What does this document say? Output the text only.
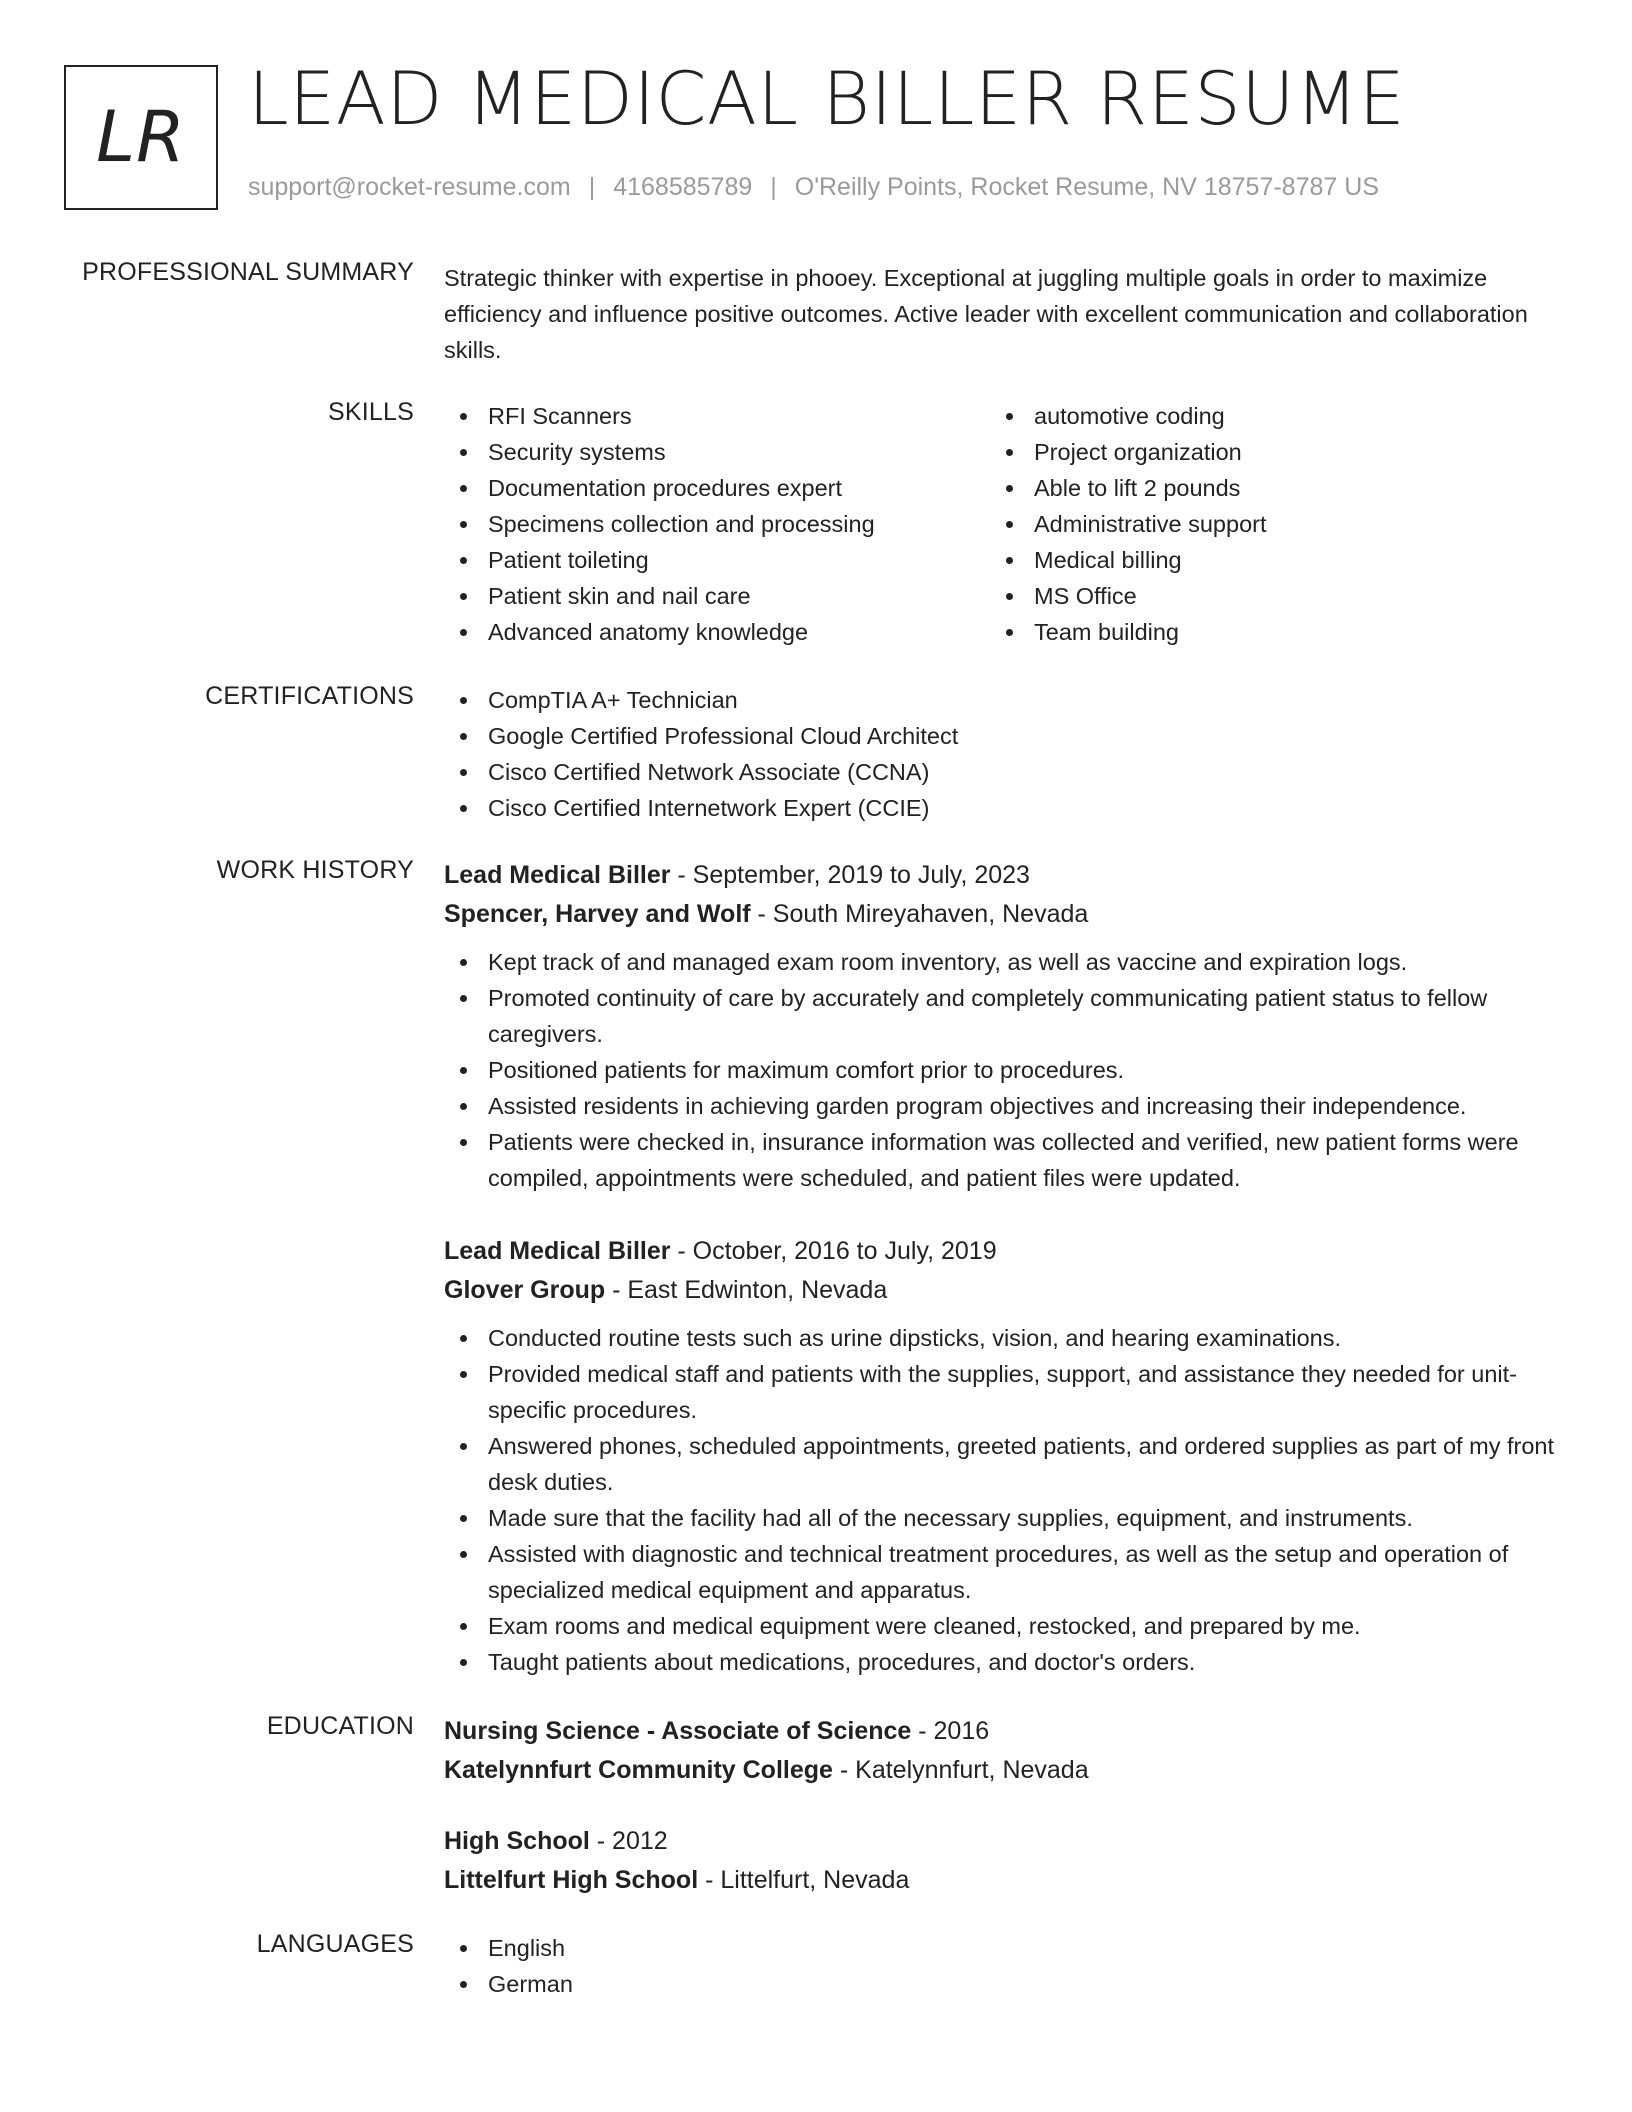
LR LEAD MEDICAL BILLER RESUME
support@rocket-resume.com | 4168585789 | O'Reilly Points, Rocket Resume, NV 18757-8787 US
PROFESSIONAL SUMMARY Strategic thinker with expertise in phooey. Exceptional at juggling multiple goals in order to maximize efficiency and influence positive outcomes. Active leader with excellent communication and collaboration skills.
SKILLS	RFI Scanners
Security systems
Documentation procedures expert
Specimens collection and processing
Patient toileting
Patient skin and nail care
Advanced anatomy knowledge
automotive coding
Project organization
Able to lift 2 pounds
Administrative support
Medical billing
MS Office
Team building
CERTIFICATIONS	CompTIA A+ Technician
Google Certified Professional Cloud Architect
Cisco Certified Network Associate (CCNA)
Cisco Certified Internetwork Expert (CCIE)
WORK HISTORY Lead Medical Biller - September, 2019 to July, 2023
Spencer, Harvey and Wolf - South Mireyahaven, Nevada
Kept track of and managed exam room inventory, as well as vaccine and expiration logs.
Promoted continuity of care by accurately and completely communicating patient status to fellow caregivers.
Positioned patients for maximum comfort prior to procedures.
Assisted residents in achieving garden program objectives and increasing their independence.
Patients were checked in, insurance information was collected and verified, new patient forms were compiled, appointments were scheduled, and patient files were updated.
Lead Medical Biller - October, 2016 to July, 2019
Glover Group - East Edwinton, Nevada
Conducted routine tests such as urine dipsticks, vision, and hearing examinations.
Provided medical staff and patients with the supplies, support, and assistance they needed for unit-specific procedures.
Answered phones, scheduled appointments, greeted patients, and ordered supplies as part of my front desk duties.
Made sure that the facility had all of the necessary supplies, equipment, and instruments.
Assisted with diagnostic and technical treatment procedures, as well as the setup and operation of specialized medical equipment and apparatus.
Exam rooms and medical equipment were cleaned, restocked, and prepared by me.
Taught patients about medications, procedures, and doctor's orders.
EDUCATION Nursing Science - Associate of Science - 2016
Katelynnfurt Community College - Katelynnfurt, Nevada
High School - 2012
Littelfurt High School - Littelfurt, Nevada
LANGUAGES	English
German
